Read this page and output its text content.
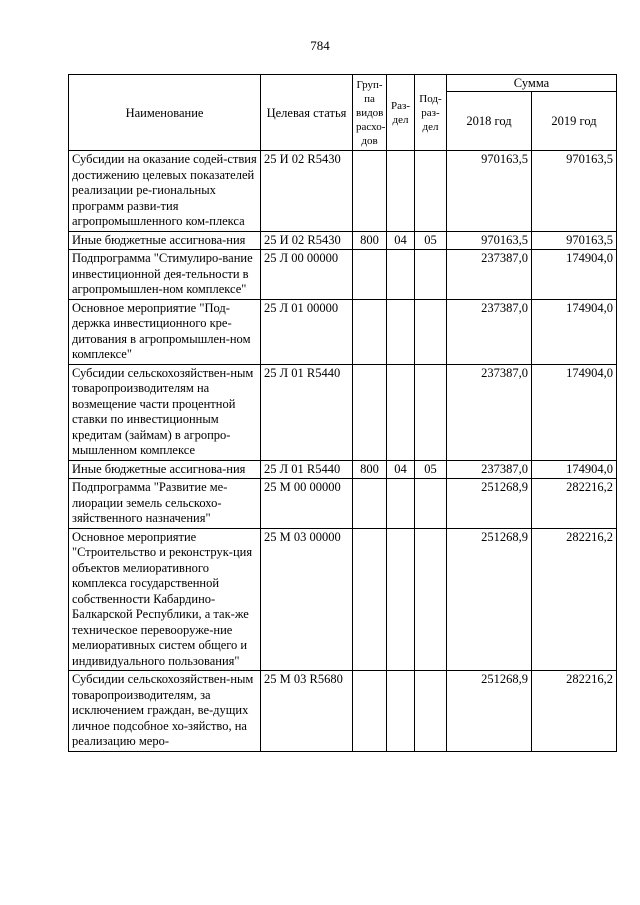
784
Наименование	Целевая статья	Груп-
па
видов
расхо-
дов	Раз-
дел	Под-
раз-
дел	Сумма	
					2018 год	2019 год
Субсидии на оказание содей-ствия достижению целевых показателей реализации ре-гиональных программ разви-тия агропромышленного ком-плекса	25 И 02 R5430				970163,5	970163,5
Иные бюджетные ассигнова-ния	25 И 02 R5430	800	04	05	970163,5	970163,5
Подпрограмма "Стимулиро-вание инвестиционной дея-тельности в агропромышлен-ном комплексе"	25 Л 00 00000				237387,0	174904,0
Основное мероприятие "Под-держка инвестиционного кре-дитования в агропромышлен-ном комплексе"	25 Л 01 00000				237387,0	174904,0
Субсидии сельскохозяйствен-ным товаропроизводителям на возмещение части процентной ставки по инвестиционным кредитам (займам) в агропро-мышленном комплексе	25 Л 01 R5440				237387,0	174904,0
Иные бюджетные ассигнова-ния	25 Л 01 R5440	800	04	05	237387,0	174904,0
Подпрограмма "Развитие ме-лиорации земель сельскохо-зяйственного назначения"	25 М 00 00000				251268,9	282216,2
Основное мероприятие "Строительство и реконструк-ция объектов мелиоративного комплекса государственной собственности Кабардино-Балкарской Республики, а так-же техническое перевооруже-ние мелиоративных систем общего и индивидуального пользования"	25 М 03 00000				251268,9	282216,2
Субсидии сельскохозяйствен-ным товаропроизводителям, за исключением граждан, ве-дущих личное подсобное хо-зяйство, на реализацию меро-	25 М 03 R5680				251268,9	282216,2
